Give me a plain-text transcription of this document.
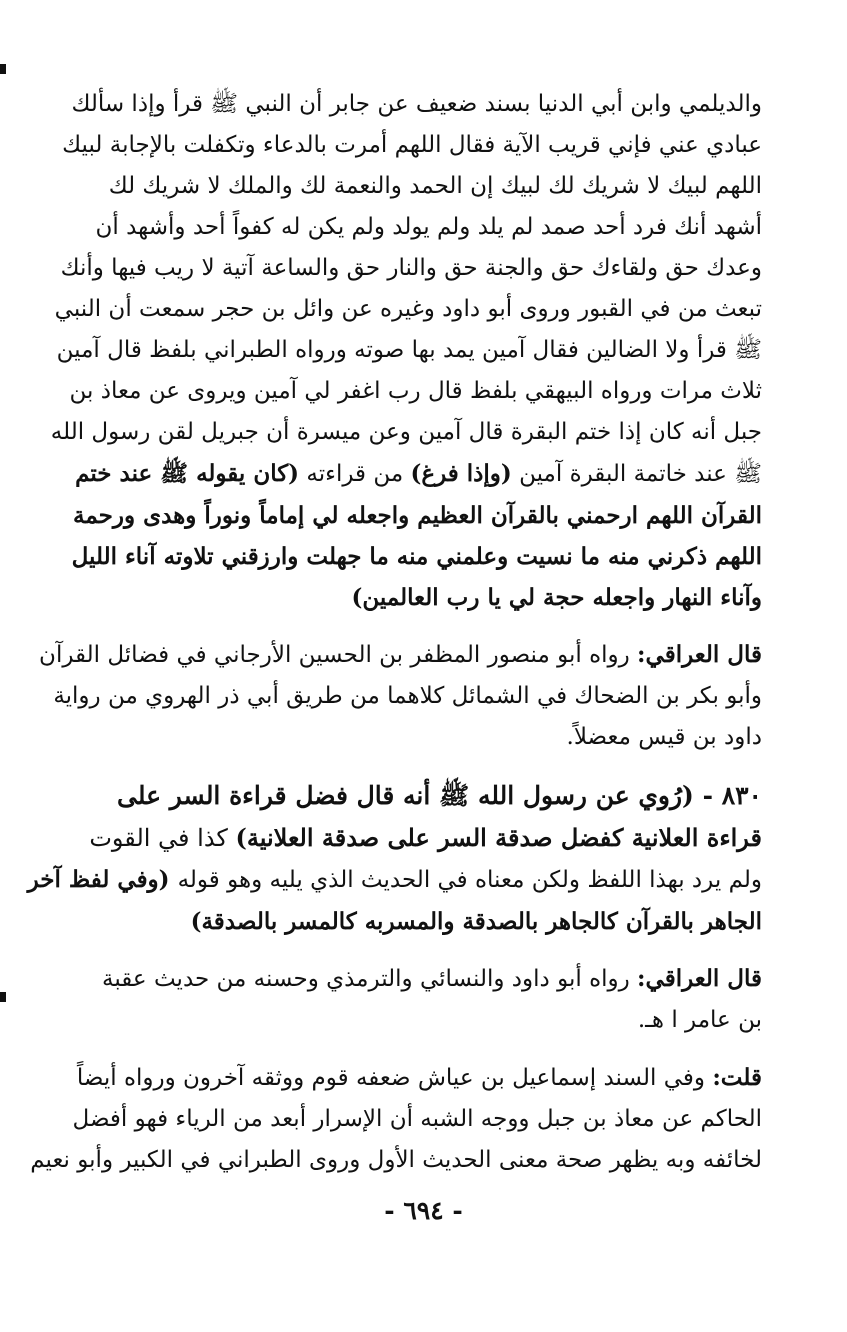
والديلمي وابن أبي الدنيا بسند ضعيف عن جابر أن النبي ﷺ قرأ وإذا سألك
عبادي عني فإني قريب الآية فقال اللهم أمرت بالدعاء وتكفلت بالإجابة لبيك
اللهم لبيك لا شريك لك لبيك إن الحمد والنعمة لك والملك لا شريك لك
أشهد أنك فرد أحد صمد لم يلد ولم يولد ولم يكن له كفواً أحد وأشهد أن
وعدك حق ولقاءك حق والجنة حق والنار حق والساعة آتية لا ريب فيها وأنك
تبعث من في القبور وروى أبو داود وغيره عن وائل بن حجر سمعت أن النبي
ﷺ قرأ ولا الضالين فقال آمين يمد بها صوته ورواه الطبراني بلفظ قال آمين
ثلاث مرات ورواه البيهقي بلفظ قال رب اغفر لي آمين ويروى عن معاذ بن
جبل أنه كان إذا ختم البقرة قال آمين وعن ميسرة أن جبريل لقن رسول الله
ﷺ عند خاتمة البقرة آمين (وإذا فرغ) من قراءته (كان يقوله ﷺ عند ختم
القرآن اللهم ارحمني بالقرآن العظيم واجعله لي إماماً ونوراً وهدى ورحمة
اللهم ذكرني منه ما نسيت وعلمني منه ما جهلت وارزقني تلاوته آناء الليل
وآناء النهار واجعله حجة لي يا رب العالمين)
قال العراقي: رواه أبو منصور المظفر بن الحسين الأرجاني في فضائل القرآن
وأبو بكر بن الضحاك في الشمائل كلاهما من طريق أبي ذر الهروي من رواية
داود بن قيس معضلاً.
٨٣٠ - (رُوي عن رسول الله ﷺ أنه قال فضل قراءة السر على
قراءة العلانية كفضل صدقة السر على صدقة العلانية) كذا في القوت
ولم يرد بهذا اللفظ ولكن معناه في الحديث الذي يليه وهو قوله (وفي لفظ آخر
الجاهر بالقرآن كالجاهر بالصدقة والمسربه كالمسر بالصدقة)
قال العراقي: رواه أبو داود والنسائي والترمذي وحسنه من حديث عقبة
بن عامر ا هـ.
قلت: وفي السند إسماعيل بن عياش ضعفه قوم ووثقه آخرون ورواه أيضاً
الحاكم عن معاذ بن جبل ووجه الشبه أن الإسرار أبعد من الرياء فهو أفضل
لخائفه وبه يظهر صحة معنى الحديث الأول وروى الطبراني في الكبير وأبو نعيم
- ٦٩٤ -
